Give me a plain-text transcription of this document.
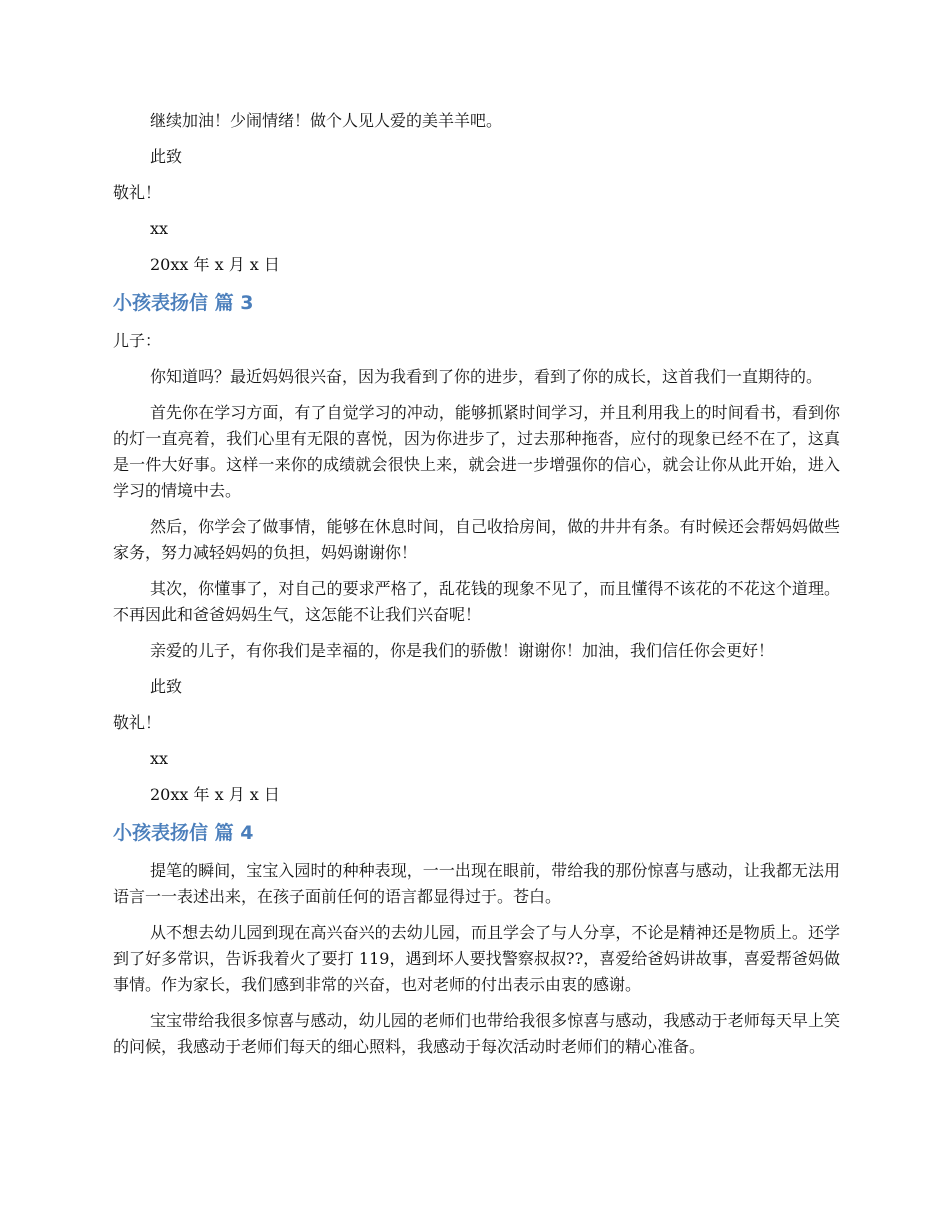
继续加油！少闹情绪！做个人见人爱的美羊羊吧。

此致

敬礼！

xx

20xx 年 x 月 x 日

小孩表扬信 篇 3

儿子：

你知道吗？最近妈妈很兴奋，因为我看到了你的进步，看到了你的成长，这首我们一直期待的。

首先你在学习方面，有了自觉学习的冲动，能够抓紧时间学习，并且利用我上的时间看书，看到你的灯一直亮着，我们心里有无限的喜悦，因为你进步了，过去那种拖沓，应付的现象已经不在了，这真是一件大好事。这样一来你的成绩就会很快上来，就会进一步增强你的信心，就会让你从此开始，进入学习的情境中去。

然后，你学会了做事情，能够在休息时间，自己收拾房间，做的井井有条。有时候还会帮妈妈做些家务，努力减轻妈妈的负担，妈妈谢谢你！

其次，你懂事了，对自己的要求严格了，乱花钱的现象不见了，而且懂得不该花的不花这个道理。不再因此和爸爸妈妈生气，这怎能不让我们兴奋呢！

亲爱的儿子，有你我们是幸福的，你是我们的骄傲！谢谢你！加油，我们信任你会更好！

此致

敬礼！

xx

20xx 年 x 月 x 日

小孩表扬信 篇 4

提笔的瞬间，宝宝入园时的种种表现，一一出现在眼前，带给我的那份惊喜与感动，让我都无法用语言一一表述出来，在孩子面前任何的语言都显得过于。苍白。

从不想去幼儿园到现在高兴奋兴的去幼儿园，而且学会了与人分享，不论是精神还是物质上。还学到了好多常识，告诉我着火了要打 119，遇到坏人要找警察叔叔??，喜爱给爸妈讲故事，喜爱帮爸妈做事情。作为家长，我们感到非常的兴奋，也对老师的付出表示由衷的感谢。

宝宝带给我很多惊喜与感动，幼儿园的老师们也带给我很多惊喜与感动，我感动于老师每天早上笑的问候，我感动于老师们每天的细心照料，我感动于每次活动时老师们的精心准备。
